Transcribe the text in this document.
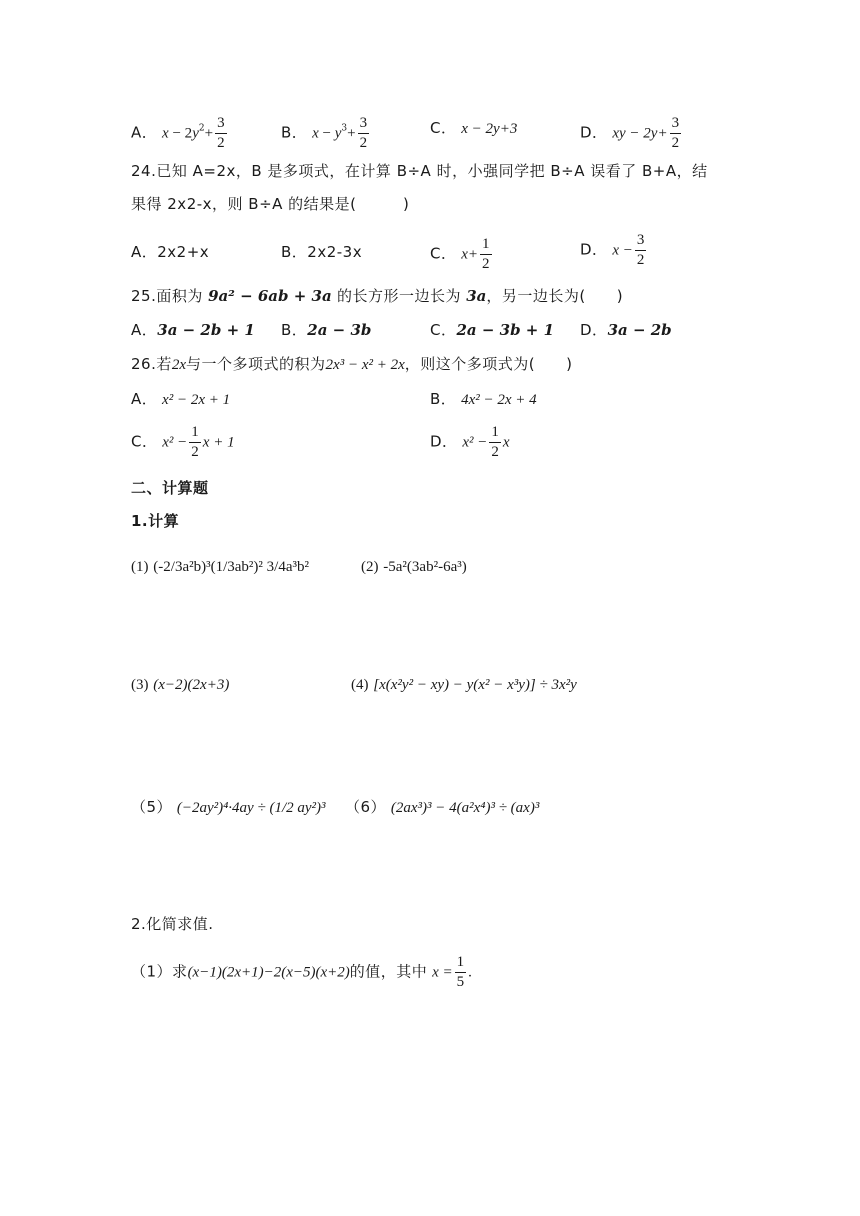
A． $x - 2y^2+ \frac{3}{2}$	B． $x - y^3+ \frac{3}{2}$	C． x − 2y+3	D． xy − $2y+ \frac{3}{2}$
24.已知 A=2x，B 是多项式，在计算 B÷A 时，小强同学把 B÷A 误看了 B+A，结
果得 2x2-x，则 B÷A 的结果是(　　　)
A．2x2+x	B．2x2-3x	C． $x+ \frac{1}{2}$	D． $x - \frac{3}{2}$
25.面积为 9a² − 6ab + 3a 的长方形一边长为 3a，另一边长为(　　)
A．3a − 2b + 1 B．2a − 3b	C．2a − 3b + 1 D．3a − 2b
26.若2x与一个多项式的积为2x³ − x² + 2x，则这个多项式为(　　)
A． x² − 2x + 1	B． 4x² − 2x + 4
C． $x^2 - \frac{1}{2}$ x + 1	D． $x^2 - \frac{1}{2}$ x
二、计算题
1.计算
(1) (-2/3a²b)³(1/3ab²)² 3/4a³b²	(2) -5a²(3ab²-6a³)
(3) (x−2)(2x+3)	(4) [x(x²y² − xy) − y(x² − x³y)] ÷ 3x²y
（5） (−2ay²)⁴·4ay ÷ (1/2 ay²)³ （6） (2ax³)³ − 4(a²x⁴)³ ÷ (ax)³
2.化简求值.
（1）求(x−1)(2x+1)−2(x−5)(x+2)的值，其中 $x = \frac{1}{5}$ .
